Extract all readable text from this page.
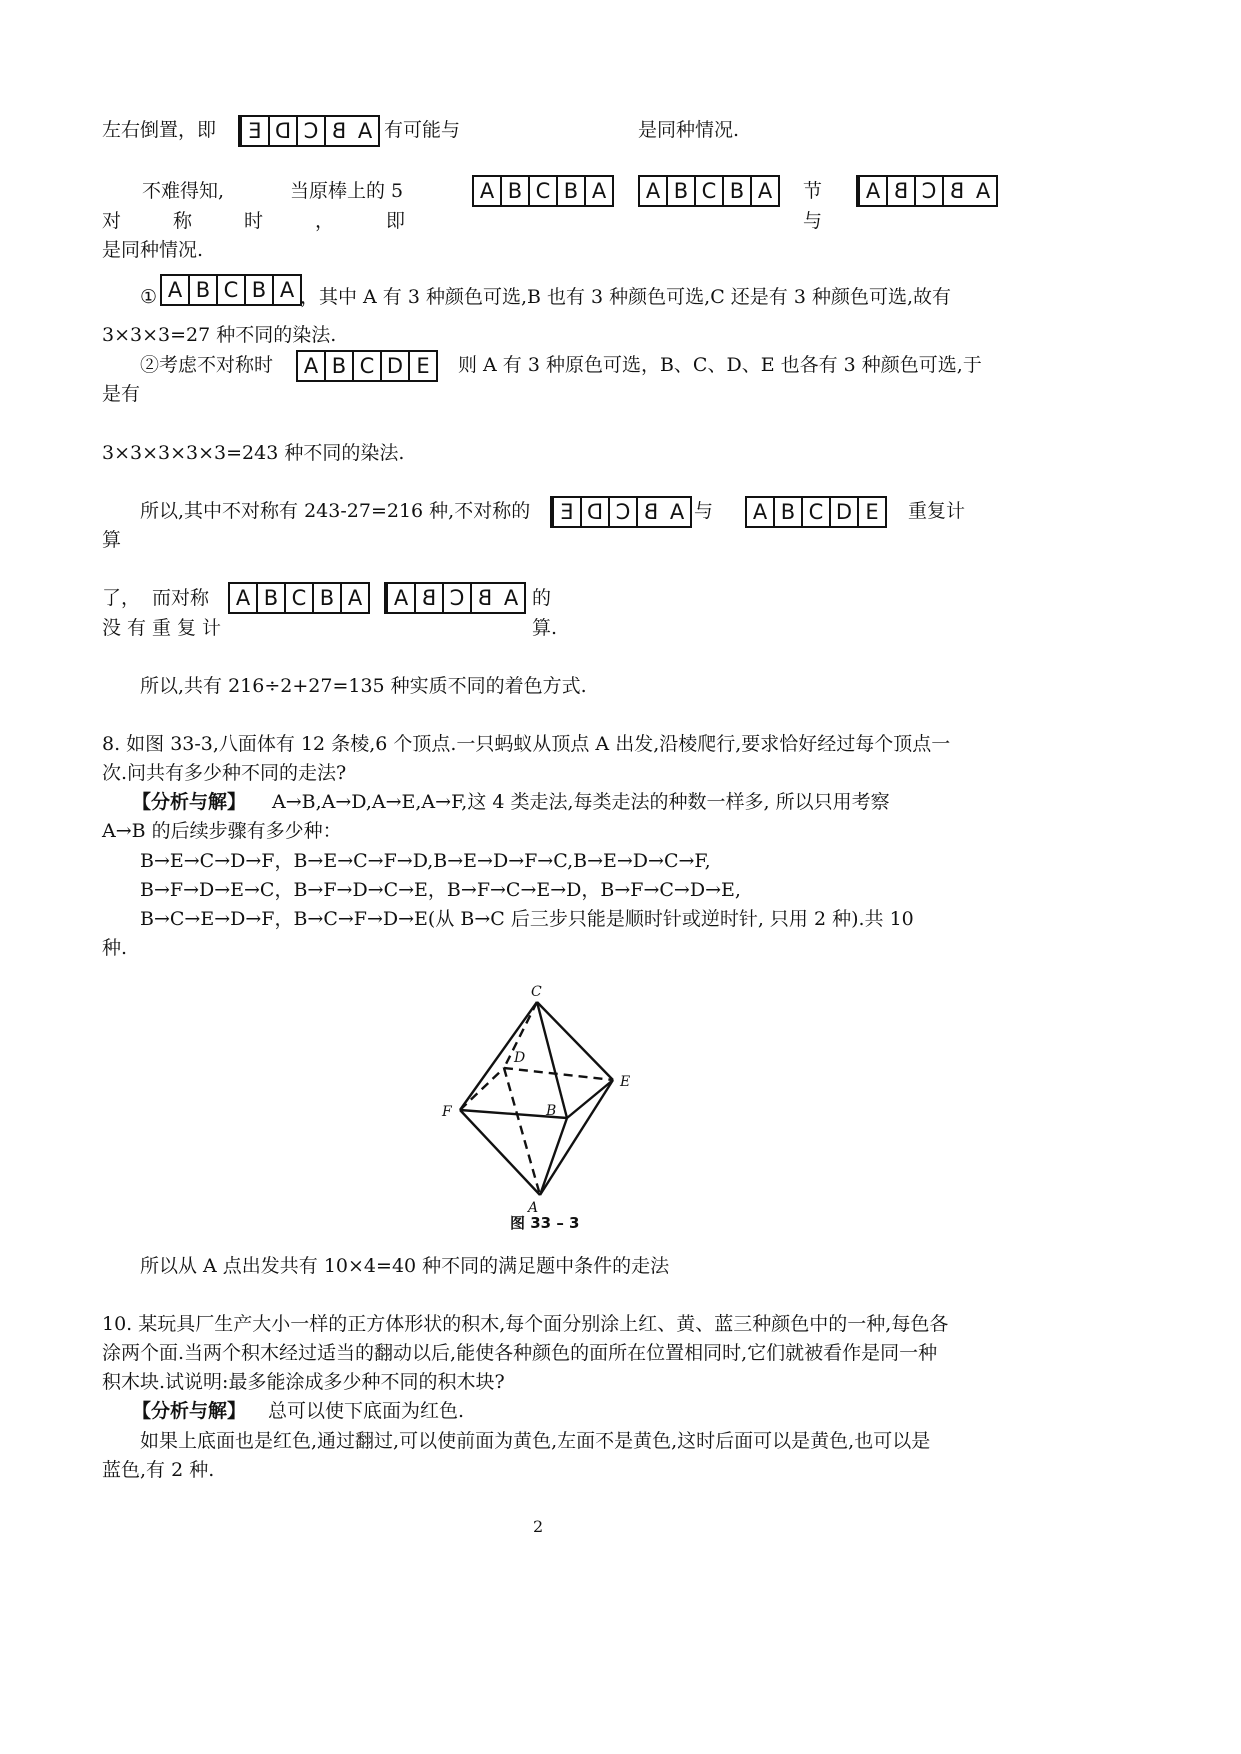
左右倒置，即	E D C B A 有可能与	是同种情况.
不难得知,	当原棒上的 5	A B C B A A B C B A	节	A B C B A
对称时，即	与
是同种情况.
① A B C B A ，其中 A 有 3 种颜色可选,B 也有 3 种颜色可选,C 还是有 3 种颜色可选,故有
3×3×3=27 种不同的染法.
②考虑不对称时 A B C D E	则 A 有 3 种原色可选，B、C、D、E 也各有 3 种颜色可选,于
是有
3×3×3×3×3=243 种不同的染法.
所以,其中不对称有 243-27=216 种,不对称的	E D C B A 与 A B C D E	重复计
算
了， 而对称 A B C B A	A B C B A 的
没有重复计	算.
所以,共有 216÷2+27=135 种实质不同的着色方式.
8. 如图 33-3,八面体有 12 条棱,6 个顶点.一只蚂蚁从顶点 A 出发,沿棱爬行,要求恰好经过每个顶点一
次.问共有多少种不同的走法?
【分析与解】 A→B,A→D,A→E,A→F,这 4 类走法,每类走法的种数一样多, 所以只用考察
A→B 的后续步骤有多少种：
B→E→C→D→F，B→E→C→F→D,B→E→D→F→C,B→E→D→C→F,
B→F→D→E→C，B→F→D→C→E，B→F→C→E→D，B→F→C→D→E,
B→C→E→D→F，B→C→F→D→E(从 B→C 后三步只能是顺时针或逆时针, 只用 2 种).共 10
种.
C
D
E
F	B
A
图 33 – 3
所以从 A 点出发共有 10×4=40 种不同的满足题中条件的走法
10. 某玩具厂生产大小一样的正方体形状的积木,每个面分别涂上红、黄、蓝三种颜色中的一种,每色各
涂两个面.当两个积木经过适当的翻动以后,能使各种颜色的面所在位置相同时,它们就被看作是同一种
积木块.试说明:最多能涂成多少种不同的积木块?
【分析与解】 总可以使下底面为红色.
如果上底面也是红色,通过翻过,可以使前面为黄色,左面不是黄色,这时后面可以是黄色,也可以是
蓝色,有 2 种.
2
